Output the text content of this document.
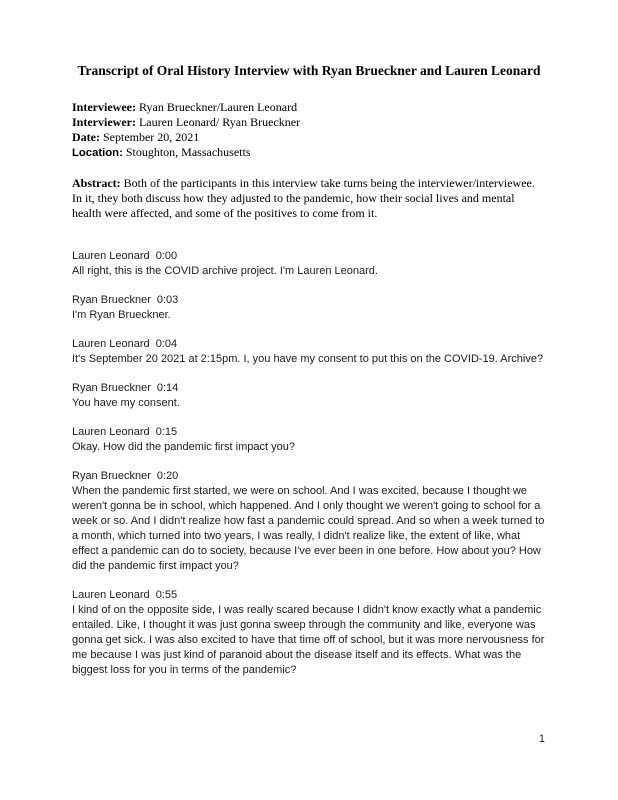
Transcript of Oral History Interview with Ryan Brueckner and Lauren Leonard
Interviewee: Ryan Brueckner/Lauren Leonard
Interviewer: Lauren Leonard/ Ryan Brueckner
Date: September 20, 2021
Location: Stoughton, Massachusetts

Abstract: Both of the participants in this interview take turns being the interviewer/interviewee. In it, they both discuss how they adjusted to the pandemic, how their social lives and mental health were affected, and some of the positives to come from it.

Lauren Leonard 0:00

All right, this is the COVID archive project. I'm Lauren Leonard.

Ryan Brueckner 0:03

I'm Ryan Brueckner.

Lauren Leonard 0:04

It's September 20 2021 at 2:15pm. I, you have my consent to put this on the COVID-19. Archive?

Ryan Brueckner 0:14

You have my consent.

Lauren Leonard 0:15

Okay. How did the pandemic first impact you?

Ryan Brueckner 0:20

When the pandemic first started, we were on school. And I was excited, because I thought we weren't gonna be in school, which happened. And I only thought we weren't going to school for a week or so. And I didn't realize how fast a pandemic could spread. And so when a week turned to a month, which turned into two years, I was really, I didn't realize like, the extent of like, what effect a pandemic can do to society, because I've ever been in one before. How about you? How did the pandemic first impact you?

Lauren Leonard 0:55

I kind of on the opposite side, I was really scared because I didn't know exactly what a pandemic entailed. Like, I thought it was just gonna sweep through the community and like, everyone was gonna get sick. I was also excited to have that time off of school, but it was more nervousness for me because I was just kind of paranoid about the disease itself and its effects. What was the biggest loss for you in terms of the pandemic?

1
